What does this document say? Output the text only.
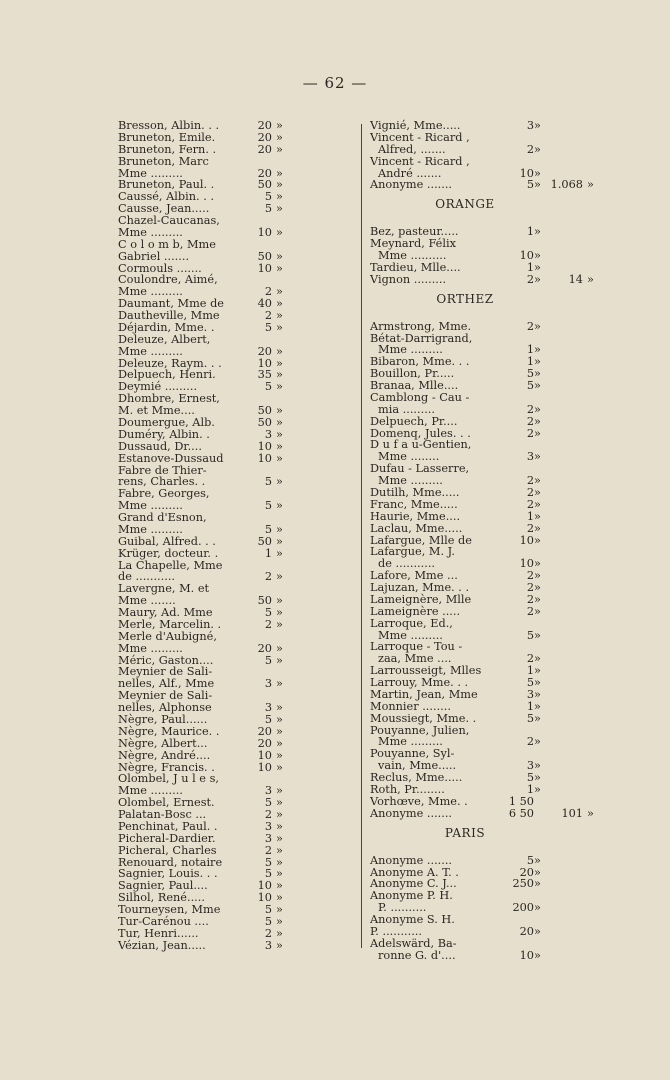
— 62 —
Bresson, Albin. . .	20 »
Bruneton, Emile.	20 »
Bruneton, Fern. .	20 »
Bruneton, Marc
Mme .........	20 »
Bruneton, Paul. .	50 »
Caussé, Albin. . .	5 »
Causse, Jean.....	5 »
Chazel-Caucanas,
Mme .........	10 »
C o l o m b, Mme
Gabriel .......	50 »
Cormouls .......	10 »
Coulondre, Aimé,
Mme .........	2 »
Daumant, Mme de	40 »
Dautheville, Mme	2 »
Déjardin, Mme. .	5 »
Deleuze, Albert,
Mme .........	20 »
Deleuze, Raym. . .	10 »
Delpuech, Henri.	35 »
Deymié .........	5 »
Dhombre, Ernest,
M. et Mme....	50 »
Doumergue, Alb.	50 »
Duméry, Albin. .	3 »
Dussaud, Dr....	10 »
Estanove-Dussaud	10 »
Fabre de Thier-
rens, Charles. .	5 »
Fabre, Georges,
Mme .........	5 »
Grand d'Esnon,
Mme .........	5 »
Guibal, Alfred. . .	50 »
Krüger, docteur. .	1 »
La Chapelle, Mme
de ...........	2 »
Lavergne, M. et
Mme .......	50 »
Maury, Ad. Mme	5 »
Merle, Marcelin. .	2 »
Merle d'Aubigné,
Mme .........	20 »
Méric, Gaston....	5 »
Meynier de Sali-
nelles, Alf., Mme	3 »
Meynier de Sali-
nelles, Alphonse	3 »
Nègre, Paul......	5 »
Nègre, Maurice. .	20 »
Nègre, Albert...	20 »
Nègre, André....	10 »
Nègre, Francis. .	10 »
Olombel, J u l e s,
Mme .........	3 »
Olombel, Ernest.	5 »
Palatan-Bosc ...	2 »
Penchinat, Paul. .	3 »
Picheral-Dardier.	3 »
Picheral, Charles	2 »
Renouard, notaire	5 »
Sagnier, Louis. . .	5 »
Sagnier, Paul....	10 »
Silhol, René.....	10 »
Tourneysen, Mme	5 »
Tur-Carénou ....	5 »
Tur, Henri......	2 »
Vézian, Jean.....	3 »
Vignié, Mme.....	3 »
Vincent - Ricard ,
Alfred, .......	2 »
Vincent - Ricard ,
André .......	10 »
Anonyme .......	5 » 1.068 »
ORANGE
Bez, pasteur.....	1 »
Meynard, Félix
Mme ..........	10 »
Tardieu, Mlle....	1 »
Vignon .........	2 » 14 »
ORTHEZ
Armstrong, Mme.	2 »
Bétat-Darrigrand,
Mme .........	1 »
Bibaron, Mme. . .	1 »
Bouillon, Pr.....	5 »
Branaa, Mlle....	5 »
Camblong - Cau -
mia .........	2 »
Delpuech, Pr....	2 »
Domenq, Jules. . .	2 »
D u f a u-Gentien,
Mme ........	3 »
Dufau - Lasserre,
Mme .........	2 »
Dutilh, Mme.....	2 »
Franc, Mme.....	2 »
Haurie, Mme....	1 »
Laclau, Mme.....	2 »
Lafargue, Mlle de	10 »
Lafargue, M. J.
de ...........	10 »
Lafore, Mme ...	2 »
Lajuzan, Mme. . .	2 »
Lameignère, Mlle	2 »
Lameignère .....	2 »
Larroque, Ed.,
Mme .........	5 »
Larroque - Tou -
zaa, Mme ....	2 »
Larrousseigt, Mlles	1 »
Larrouy, Mme. . .	5 »
Martin, Jean, Mme	3 »
Monnier ........	1 »
Moussiegt, Mme. .	5 »
Pouyanne, Julien,
Mme .........	2 »
Pouyanne, Syl-
vain, Mme.....	3 »
Reclus, Mme.....	5 »
Roth, Pr........	1 »
Vorhœve, Mme. .	1 50
Anonyme .......	6 50 101 »
PARIS
Anonyme .......	5 »
Anonyme A. T. .	20 »
Anonyme C. J...	250 »
Anonyme P. H.
P. ..........	200 »
Anonyme S. H.
P. ...........	20 »
Adelswärd, Ba-
ronne G. d'....	10 »
